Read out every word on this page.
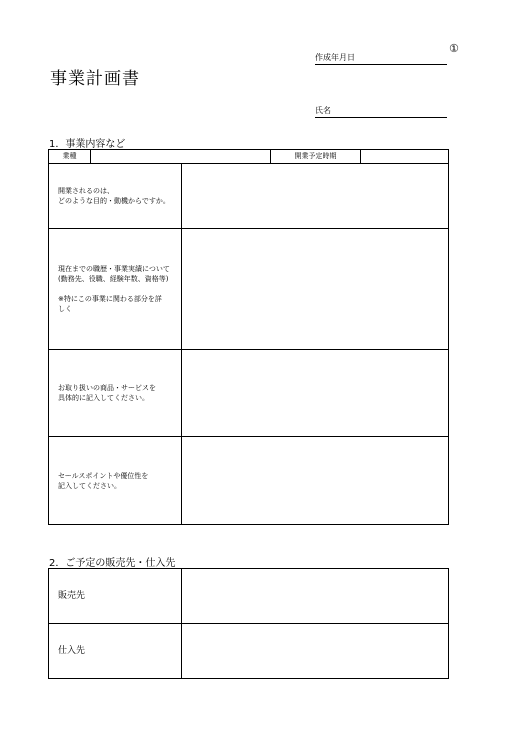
①
事業計画書
作成年月日
氏名
1．事業内容など
業種			開業予定時期	
開業されるのは、
どのような目的・動機からですか。				
現在までの職歴・事業実績について
(勤務先、役職、経験年数、資格等)

※特にこの事業に関わる部分を詳
しく				
お取り扱いの商品・サービスを
具体的に記入してください。				
セールスポイントや優位性を
記入してください。				
2．ご予定の販売先・仕入先
販売先	
仕入先	
